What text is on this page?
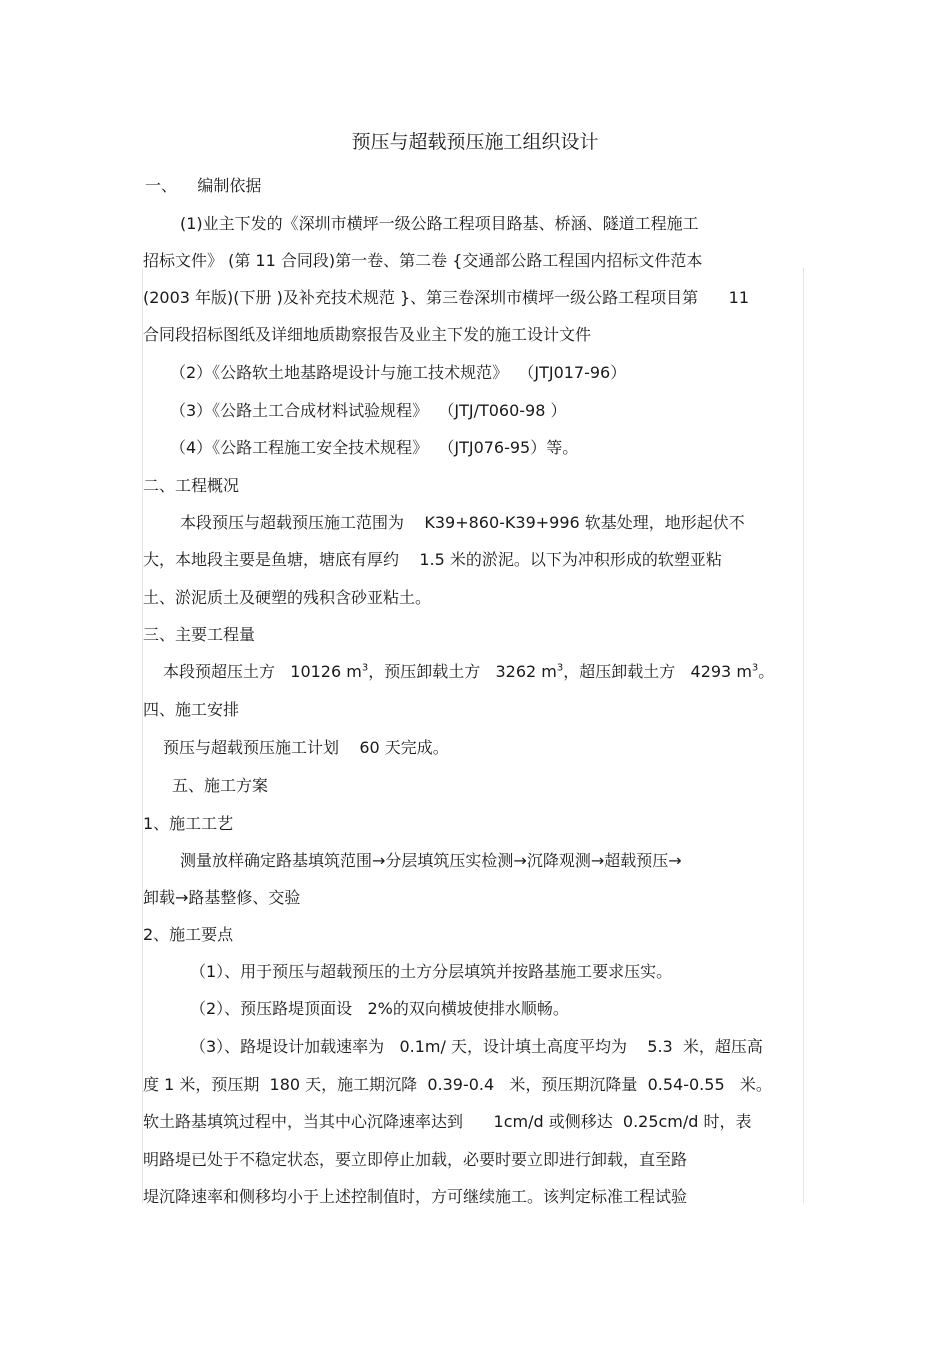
预压与超载预压施工组织设计
一、    编制依据
(1)业主下发的《深圳市横坪一级公路工程项目路基、桥涵、隧道工程施工
招标文件》 (第 11 合同段)第一卷、第二卷 {交通部公路工程国内招标文件范本
(2003 年版)(下册 )及补充技术规范 }、第三卷深圳市横坪一级公路工程项目第      11
合同段招标图纸及详细地质勘察报告及业主下发的施工设计文件
（2）《公路软土地基路堤设计与施工技术规范》  （JTJ017-96）
（3）《公路土工合成材料试验规程》  （JTJ/T060-98 ）
（4）《公路工程施工安全技术规程》  （JTJ076-95）等。
二、工程概况
本段预压与超载预压施工范围为    K39+860-K39+996 软基处理，地形起伏不
大，本地段主要是鱼塘，塘底有厚约    1.5 米的淤泥。以下为冲积形成的软塑亚粘
土、淤泥质土及硬塑的残积含砂亚粘土。
三、主要工程量
本段预超压土方   10126 $m^3$，预压卸载土方   3262 $m^3$，超压卸载土方   4293 $m^3$。
四、施工安排
预压与超载预压施工计划    60 天完成。
五、施工方案
1、施工工艺
测量放样确定路基填筑范围→分层填筑压实检测→沉降观测→超载预压→
卸载→路基整修、交验
2、施工要点
（1）、用于预压与超载预压的土方分层填筑并按路基施工要求压实。
（2）、预压路堤顶面设   2%的双向横坡使排水顺畅。
（3）、路堤设计加载速率为   0.1m/ 天，设计填土高度平均为    5.3  米，超压高
度 1 米，预压期  180 天，施工期沉降  0.39-0.4   米，预压期沉降量  0.54-0.55   米。
软土路基填筑过程中，当其中心沉降速率达到      1cm/d 或侧移达  0.25cm/d 时，表
明路堤已处于不稳定状态，要立即停止加载，必要时要立即进行卸载，直至路
堤沉降速率和侧移均小于上述控制值时，方可继续施工。该判定标准工程试验
